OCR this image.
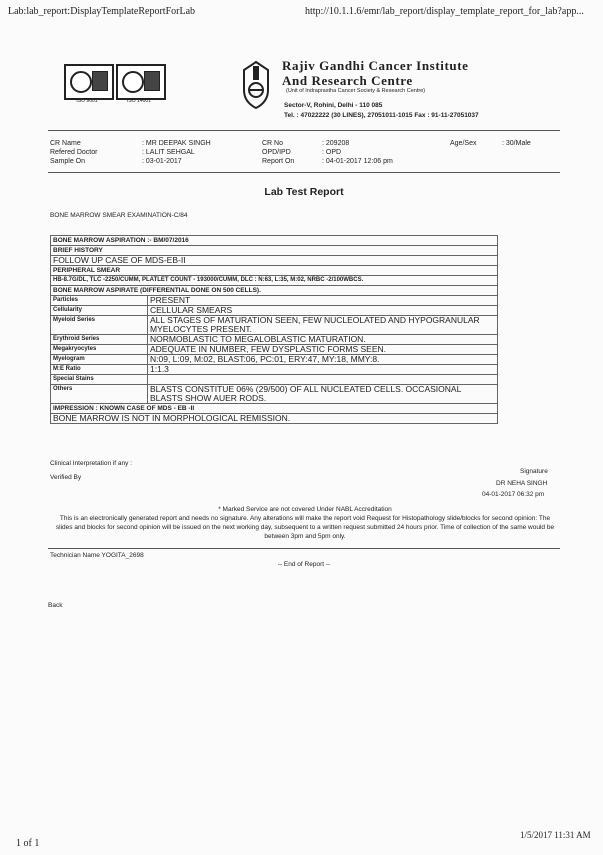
Lab:lab_report:DisplayTemplateReportForLab	http://10.1.1.6/emr/lab_report/display_template_report_for_lab?app...
ISO 9001	ISO 14001
Rajiv Gandhi Cancer Institute
And Research Centre
(Unit of Indraprastha Cancer Society & Research Centre)
Sector-V, Rohini, Delhi - 110 085
Tel. : 47022222 (30 LINES), 27051011-1015 Fax : 91-11-27051037
CR Name	: MR DEEPAK SINGH	CR No	: 209208	Age/Sex	: 30/Male
Refered Doctor	: LALIT SEHGAL	OPD/IPD	: OPD
Sample On	: 03-01-2017	Report On	: 04-01-2017 12:06 pm
Lab Test Report
BONE MARROW SMEAR EXAMINATION-C/84
BONE MARROW ASPIRATION :- BM/07/2016	
BRIEF HISTORY	
FOLLOW UP CASE OF MDS-EB-II	
PERIPHERAL SMEAR	
HB-8.7G/DL, TLC -2250/CUMM, PLATLET COUNT - 193000/CUMM, DLC : N:63, L:35, M:02, NRBC -2/100WBCS.	
BONE MARROW ASPIRATE (DIFFERENTIAL DONE ON 500 CELLS).	
Particles	PRESENT
Cellularity	CELLULAR SMEARS
Myeloid Series	ALL STAGES OF MATURATION SEEN, FEW NUCLEOLATED AND HYPOGRANULAR MYELOCYTES PRESENT.
Erythroid Series	NORMOBLASTIC TO MEGALOBLASTIC MATURATION.
Megakryocytes	ADEQUATE IN NUMBER, FEW DYSPLASTIC FORMS SEEN.
Myelogram	N:09, L:09, M:02, BLAST:06, PC:01, ERY:47, MY:18, MMY:8.
M:E Ratio	1:1.3
Special Stains	
Others	BLASTS CONSTITUE 06% (29/500) OF ALL NUCLEATED CELLS. OCCASIONAL BLASTS SHOW AUER RODS.
IMPRESSION : KNOWN CASE OF MDS - EB -II	
BONE MARROW IS NOT IN MORPHOLOGICAL REMISSION.	
Clinical Interpretation if any :
Verified By
Signature
DR NEHA SINGH
04-01-2017 06:32 pm
* Marked Service are not covered Under NABL Accreditation
This is an electronically generated report and needs no signature. Any alterations will make the report void Request for Histopathology slide/blocks for second opinion: The slides and blocks for second opinion will be issued on the next working day, subsequent to a written request submitted 24 hours prior. Time of collection of the same would be between 3pm and 5pm only.
Technician Name YOGITA_2698
-- End of Report --
Back
1 of 1
1/5/2017 11:31 AM
